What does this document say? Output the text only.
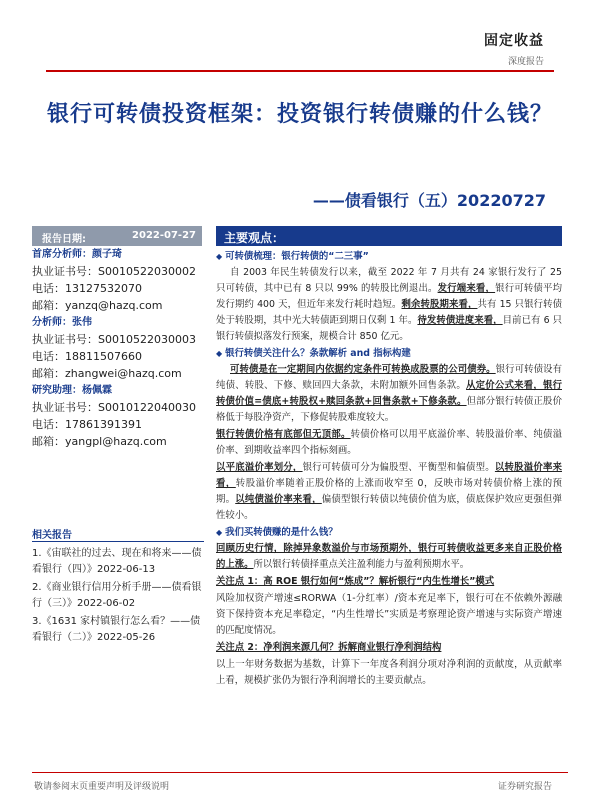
固定收益
深度报告
银行可转债投资框架：投资银行转债赚的什么钱？
——债看银行（五）20220727
报告日期:	2022-07-27
首席分析师：颜子琦
执业证书号：S0010522030002
电话：13127532070
邮箱：yanzq@hazq.com
分析师：张伟
执业证书号：S0010522030003
电话：18811507660
邮箱：zhangwei@hazq.com
研究助理：杨佩霖
执业证书号：S0010122040030
电话：17861391391
邮箱：yangpl@hazq.com
相关报告

1.《宙联社的过去、现在和将来——债看银行（四）》2022-06-13

2.《商业银行信用分析手册——债看银行（三）》2022-06-02

3.《1631 家村镇银行怎么看？——债看银行（二）》2022-05-26

主要观点：

◆ 可转债梳理：银行转债的“二三事”

自 2003 年民生转债发行以来，截至 2022 年 7 月共有 24 家银行发行了 25 只可转债，其中已有 8 只以 99% 的转股比例退出。发行端来看，银行可转债平均发行期约 400 天，但近年来发行耗时趋短。剩余转股期来看，共有 15 只银行转债处于转股期，其中光大转债距到期日仅剩 1 年。待发转债进度来看，目前已有 6 只银行转债拟落发行预案，规模合计 850 亿元。

◆ 银行转债关注什么？条款解析 and 指标构建

可转债是在一定期间内依据约定条件可转换成股票的公司债券。银行可转债设有纯债、转股、下修、赎回四大条款，未附加额外回售条款。从定价公式来看，银行转债价值=债底+转股权+赎回条款+回售条款+下修条款。但部分银行转债正股价格低于每股净资产，下修促转股难度较大。

银行转债价格有底部但无顶部。转债价格可以用平底溢价率、转股溢价率、纯债溢价率、到期收益率四个指标刻画。

以平底溢价率划分，银行可转债可分为偏股型、平衡型和偏债型。以转股溢价率来看，转股溢价率随着正股价格的上涨而收窄至 0，反映市场对转债价格上涨的预期。以纯债溢价率来看，偏债型银行转债以纯债价值为底，债底保护效应更强但弹性较小。

◆ 我们买转债赚的是什么钱？

回顾历史行情，除掉异象数溢价与市场预期外，银行可转债收益更多来自正股价格的上涨。所以银行转债择重点关注盈利能力与盈利预期水平。

关注点 1：高 ROE 银行如何“炼成”？解析银行“内生性增长”模式

风险加权资产增速≤RORWA（1-分红率）/资本充足率下，银行可在不依赖外源融资下保持资本充足率稳定，“内生性增长”实质是考察理论资产增速与实际资产增速的匹配度情况。

关注点 2：净利润来源几何？拆解商业银行净利润结构

以上一年财务数据为基数，计算下一年度各利润分项对净利润的贡献度，从贡献率上看，规模扩张仍为银行净利润增长的主要贡献点。

敬请参阅末页重要声明及评级说明	证券研究报告
